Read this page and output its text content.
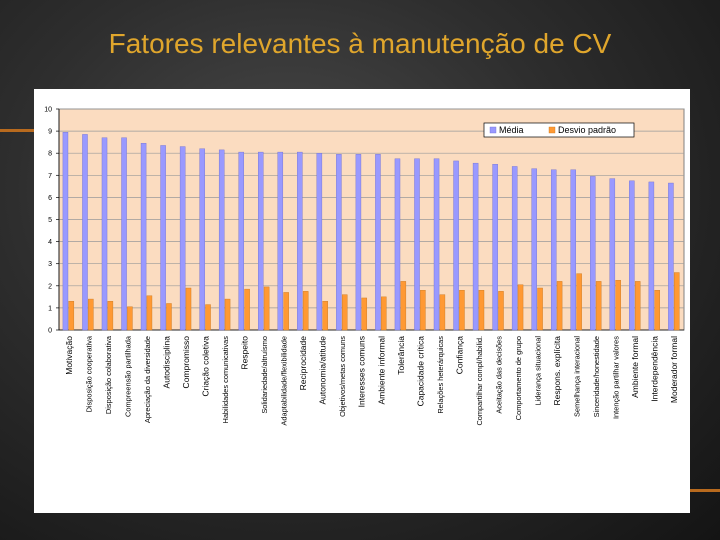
Fatores relevantes à manutenção de CV
0
1
2
3
4
5
6
7
8
9
10
Motivação Disposição cooperativa Disposição colaborativa Compreensão partilhada Apreciação da diversidade Autodisciplina Compromisso Criação coletiva Habilidades comunicativas Respeito Solidariedade/altruísmo Adaptabilidade/flexibilidade Reciprocidade Autonomia/atitude Objetivos/metas comuns Interesses comuns Ambiente informal Tolerância Capacidade crítica Relações heterárquicas Confiança Compartilhar compl/habilid. Aceitação das decisões Comportamento de grupo Liderança situacional Respons. explícita Semelhança interacional Sinceridade/honestidade Intenção partilhar valores Ambiente formal Interdependência Moderador formal
Média	Desvio padrão
